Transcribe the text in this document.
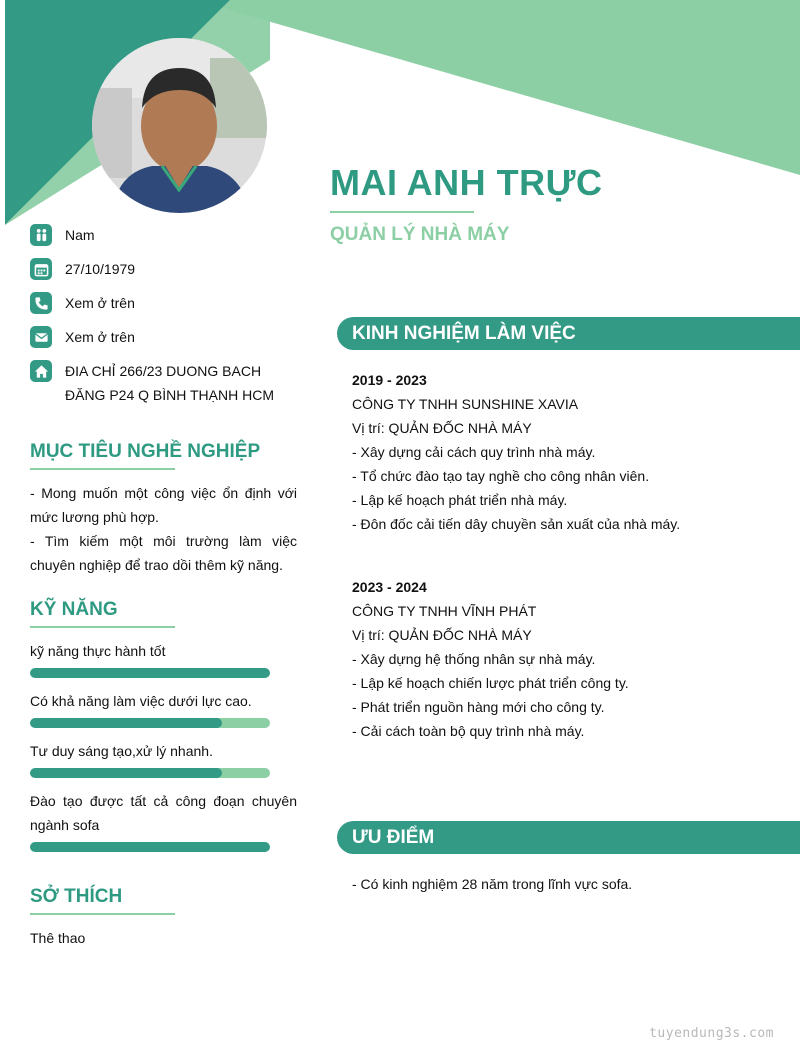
MAI ANH TRỰC
QUẢN LÝ NHÀ MÁY
Nam
27/10/1979
Xem ở trên
Xem ở trên
ĐIA CHỈ 266/23 DUONG BACH ĐĂNG P24 Q BÌNH THẠNH HCM
MỤC TIÊU NGHỀ NGHIỆP
- Mong muốn một công việc ổn định với mức lương phù hợp.
- Tìm kiếm một môi trường làm việc chuyên nghiệp để trao dồi thêm kỹ năng.
KỸ NĂNG
kỹ năng thực hành tốt
Có khả năng làm việc dưới lực cao.
Tư duy sáng tạo,xử lý nhanh.
Đào tạo được tất cả công đoạn chuyên ngành sofa
SỞ THÍCH
Thê thao
KINH NGHIỆM LÀM VIỆC
2019 - 2023
CÔNG TY TNHH SUNSHINE XAVIA
Vị trí: QUẢN ĐỐC NHÀ MÁY
- Xây dựng cải cách quy trình nhà máy.
- Tổ chức đào tạo tay nghề cho công nhân viên.
- Lập kế hoạch phát triển nhà máy.
- Đôn đốc cải tiến dây chuyền sản xuất của nhà máy.
2023 - 2024
CÔNG TY TNHH VĨNH PHÁT
Vị trí: QUẢN ĐỐC NHÀ MÁY
- Xây dựng hệ thống nhân sự nhà máy.
- Lập kế hoạch chiến lược phát triển công ty.
- Phát triển nguồn hàng mới cho công ty.
- Cải cách toàn bộ quy trình nhà máy.
ƯU ĐIỂM
- Có kinh nghiệm 28 năm trong lĩnh vực sofa.
tuyendung3s.com
